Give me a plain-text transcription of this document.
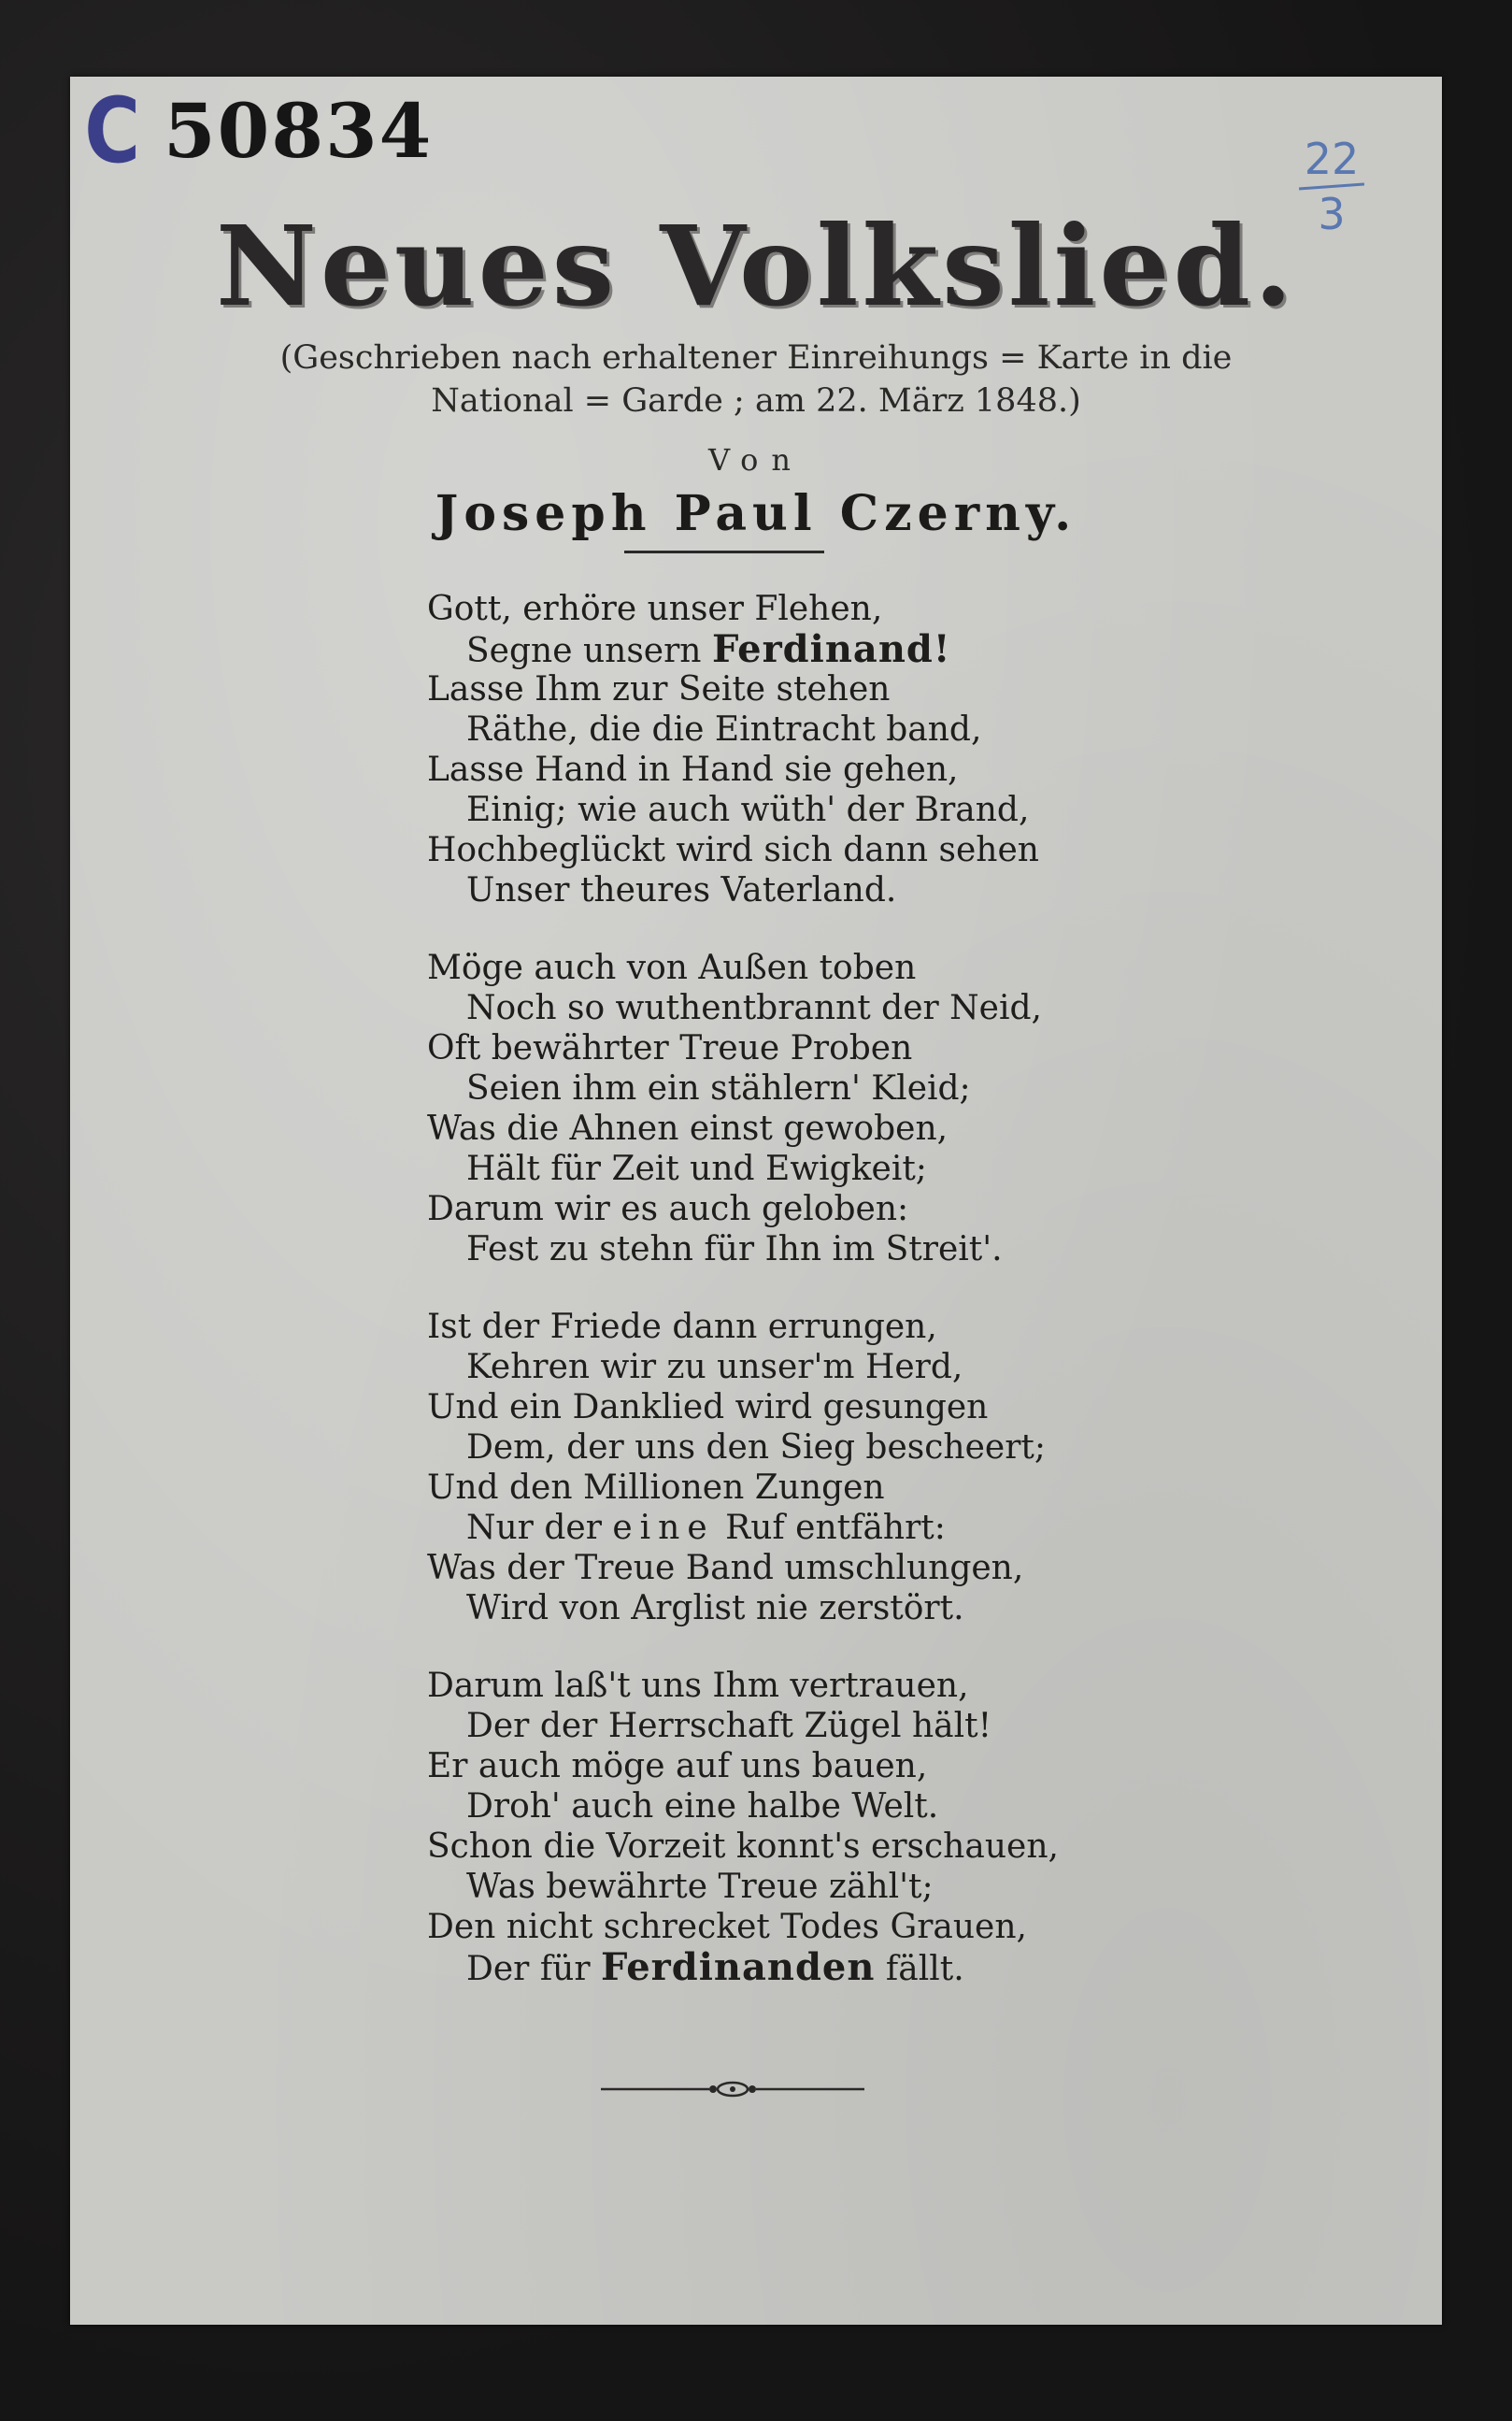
C 50834	22
3
Neues Volkslied.
(Geschrieben nach erhaltener Einreihungs = Karte in die
National = Garde ; am 22. März 1848.)
Von
Joseph Paul Czerny.
Gott, erhöre unser Flehen,
Segne unsern Ferdinand!
Lasse Ihm zur Seite stehen
Räthe, die die Eintracht band,
Lasse Hand in Hand sie gehen,
Einig; wie auch wüth' der Brand,
Hochbeglückt wird sich dann sehen
Unser theures Vaterland.
Möge auch von Außen toben
Noch so wuthentbrannt der Neid,
Oft bewährter Treue Proben
Seien ihm ein stählern' Kleid;
Was die Ahnen einst gewoben,
Hält für Zeit und Ewigkeit;
Darum wir es auch geloben:
Fest zu stehn für Ihn im Streit'.
Ist der Friede dann errungen,
Kehren wir zu unser'm Herd,
Und ein Danklied wird gesungen
Dem, der uns den Sieg bescheert;
Und den Millionen Zungen
Nur der eine Ruf entfährt:
Was der Treue Band umschlungen,
Wird von Arglist nie zerstört.
Darum laß't uns Ihm vertrauen,
Der der Herrschaft Zügel hält!
Er auch möge auf uns bauen,
Droh' auch eine halbe Welt.
Schon die Vorzeit konnt's erschauen,
Was bewährte Treue zähl't;
Den nicht schrecket Todes Grauen,
Der für Ferdinanden fällt.
